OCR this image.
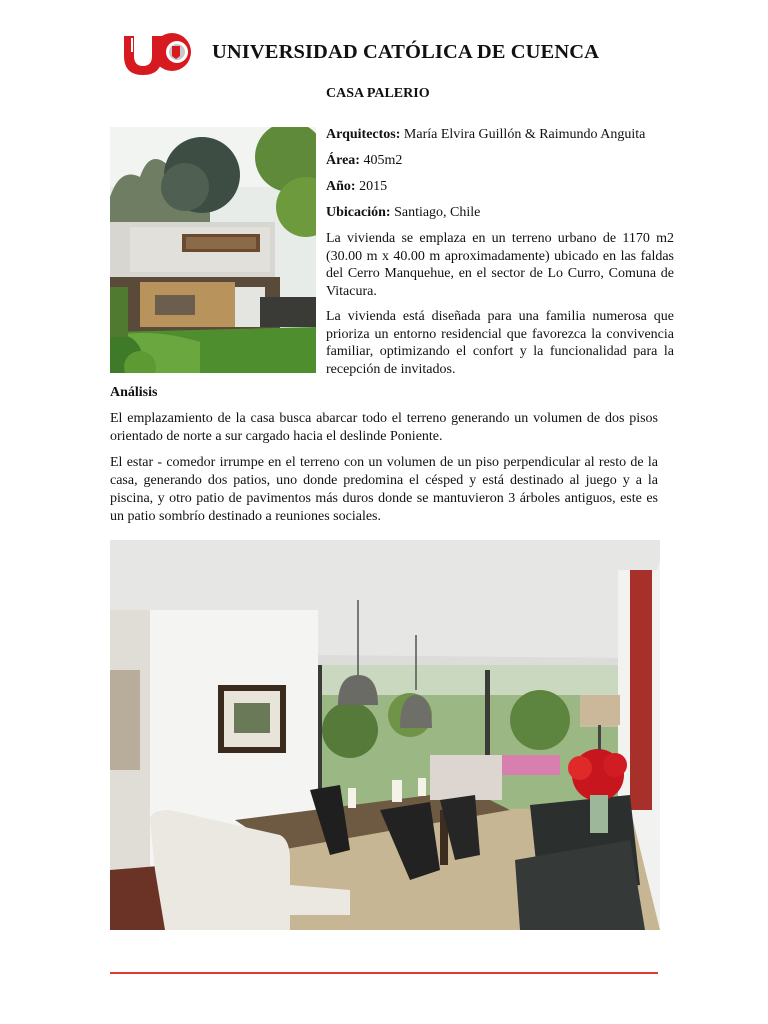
UNIVERSIDAD CATÓLICA DE CUENCA
CASA PALERIO

Arquitectos: María Elvira Guillón & Raimundo Anguita

Área: 405m2

Año: 2015

Ubicación: Santiago, Chile

La vivienda se emplaza en un terreno urbano de 1170 m2 (30.00 m x 40.00 m aproximadamente) ubicado en las faldas del Cerro Manquehue, en el sector de Lo Curro, Comuna de Vitacura.

La vivienda está diseñada para una familia numerosa que prioriza un entorno residencial que favorezca la convivencia familiar, optimizando el confort y la funcionalidad para la recepción de invitados.

Análisis

El emplazamiento de la casa busca abarcar todo el terreno generando un volumen de dos pisos orientado de norte a sur cargado hacia el deslinde Poniente.

El estar - comedor irrumpe en el terreno con un volumen de un piso perpendicular al resto de la casa, generando dos patios, uno donde predomina el césped y está destinado al juego y a la piscina, y otro patio de pavimentos más duros donde se mantuvieron 3 árboles antiguos, este es un patio sombrío destinado a reuniones sociales.
